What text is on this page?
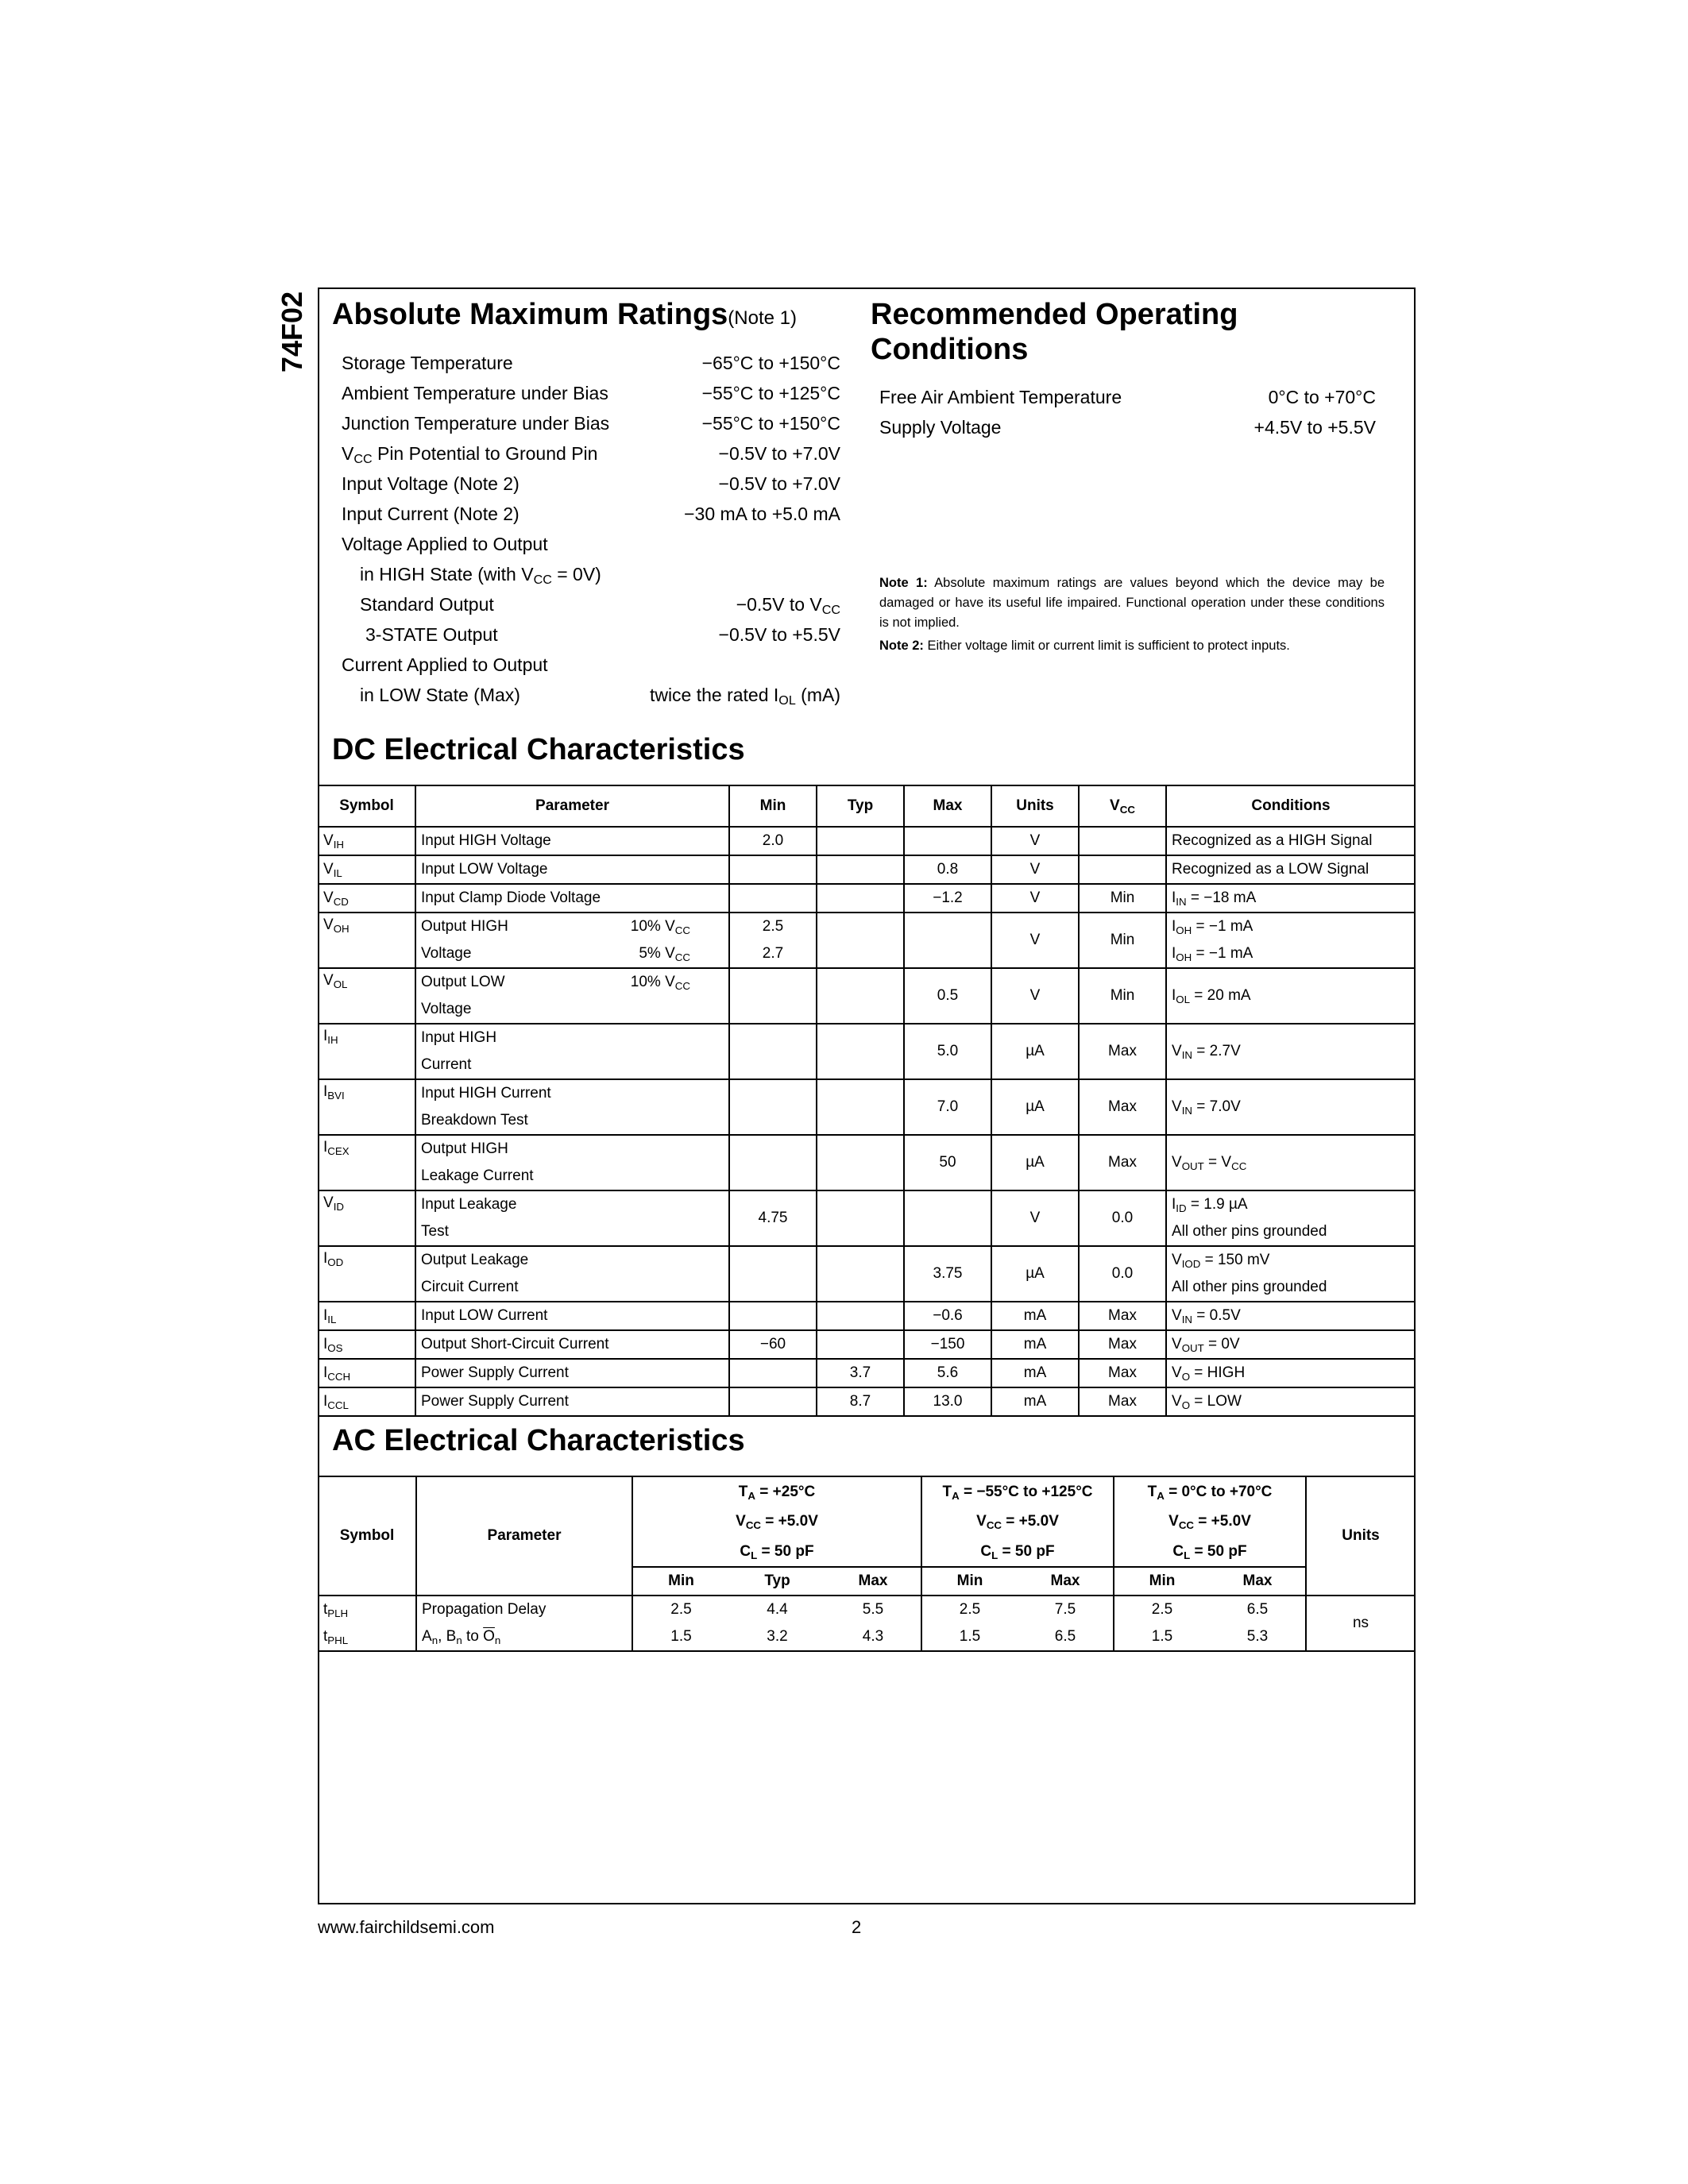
74F02 Absolute Maximum Ratings(Note 1)
Storage Temperature	−65°C to +150°C
Ambient Temperature under Bias	−55°C to +125°C
Junction Temperature under Bias	−55°C to +150°C
$V_{CC}$ Pin Potential to Ground Pin	−0.5V to +7.0V
Input Voltage (Note 2)	−0.5V to +7.0V
Input Current (Note 2)	−30 mA to +5.0 mA
Voltage Applied to Output
in HIGH State (with $V_{CC} = 0V$)
Standard Output	−0.5V to $V_{CC}$
3-STATE Output	−0.5V to +5.5V
Current Applied to Output
in LOW State (Max)	twice the rated $I_{OL}$ (mA)
Recommended Operating
Conditions
Free Air Ambient Temperature	0°C to +70°C
Supply Voltage	+4.5V to +5.5V
Note 1: Absolute maximum ratings are values beyond which the device may be damaged or have its useful life impaired. Functional operation under these conditions is not implied.
Note 2: Either voltage limit or current limit is sufficient to protect inputs.
DC Electrical Characteristics
Symbol	Parameter	Min	Typ	Max	Units	$V_{CC}$	Conditions
$V_{IH}$	Input HIGH Voltage	2.0			V		Recognized as a HIGH Signal
$V_{IL}$	Input LOW Voltage			0.8	V		Recognized as a LOW Signal
$V_{CD}$	Input Clamp Diode Voltage			−1.2	V	Min	$I_{IN} = -18$ mA
$V_{OH}$	Output HIGH 10% $V_{CC}$	2.5			V	Min	$I_{OH} = -1$ mA
	Voltage 5% $V_{CC}$	2.7					$I_{OH} = -1$ mA
$V_{OL}$	Output LOW 10% $V_{CC}$			0.5	V	Min	$I_{OL} = 20$ mA
	Voltage						
$I_{IH}$	Input HIGH			5.0	µA	Max	$V_{IN} = 2.7V$
	Current						
$I_{BVI}$	Input HIGH Current			7.0	µA	Max	$V_{IN} = 7.0V$
	Breakdown Test						
$I_{CEX}$	Output HIGH			50	µA	Max	$V_{OUT} = V_{CC}$
	Leakage Current						
$V_{ID}$	Input Leakage	4.75			V	0.0	$I_{ID} = 1.9$ µA
	Test						All other pins grounded
$I_{OD}$	Output Leakage			3.75	µA	0.0	$V_{IOD} = 150$ mV
	Circuit Current						All other pins grounded
$I_{IL}$	Input LOW Current			−0.6	mA	Max	$V_{IN} = 0.5V$
$I_{OS}$	Output Short-Circuit Current	−60		−150	mA	Max	$V_{OUT} = 0V$
$I_{CCH}$	Power Supply Current		3.7	5.6	mA	Max	$V_O$ = HIGH
$I_{CCL}$	Power Supply Current		8.7	13.0	mA	Max	$V_O$ = LOW
AC Electrical Characteristics
Symbol	Parameter	$T_A = +25^\circ C$			$T_A = -55^\circ C$ to +125°C		$T_A = 0^\circ C$ to +70°C		Units
		$V_{CC} = +5.0V$			$V_{CC} = +5.0V$		$V_{CC} = +5.0V$		
		$C_L = 50$ pF			$C_L = 50$ pF		$C_L = 50$ pF		
		Min	Typ	Max	Min	Max	Min	Max	
$t_{PLH}$	Propagation Delay	2.5	4.4	5.5	2.5	7.5	2.5	6.5	ns
$t_{PHL}$	$A_n$, $B_n$ to $\overline{O}_n$	1.5	3.2	4.3	1.5	6.5	1.5	5.3	
www.fairchildsemi.com	2
